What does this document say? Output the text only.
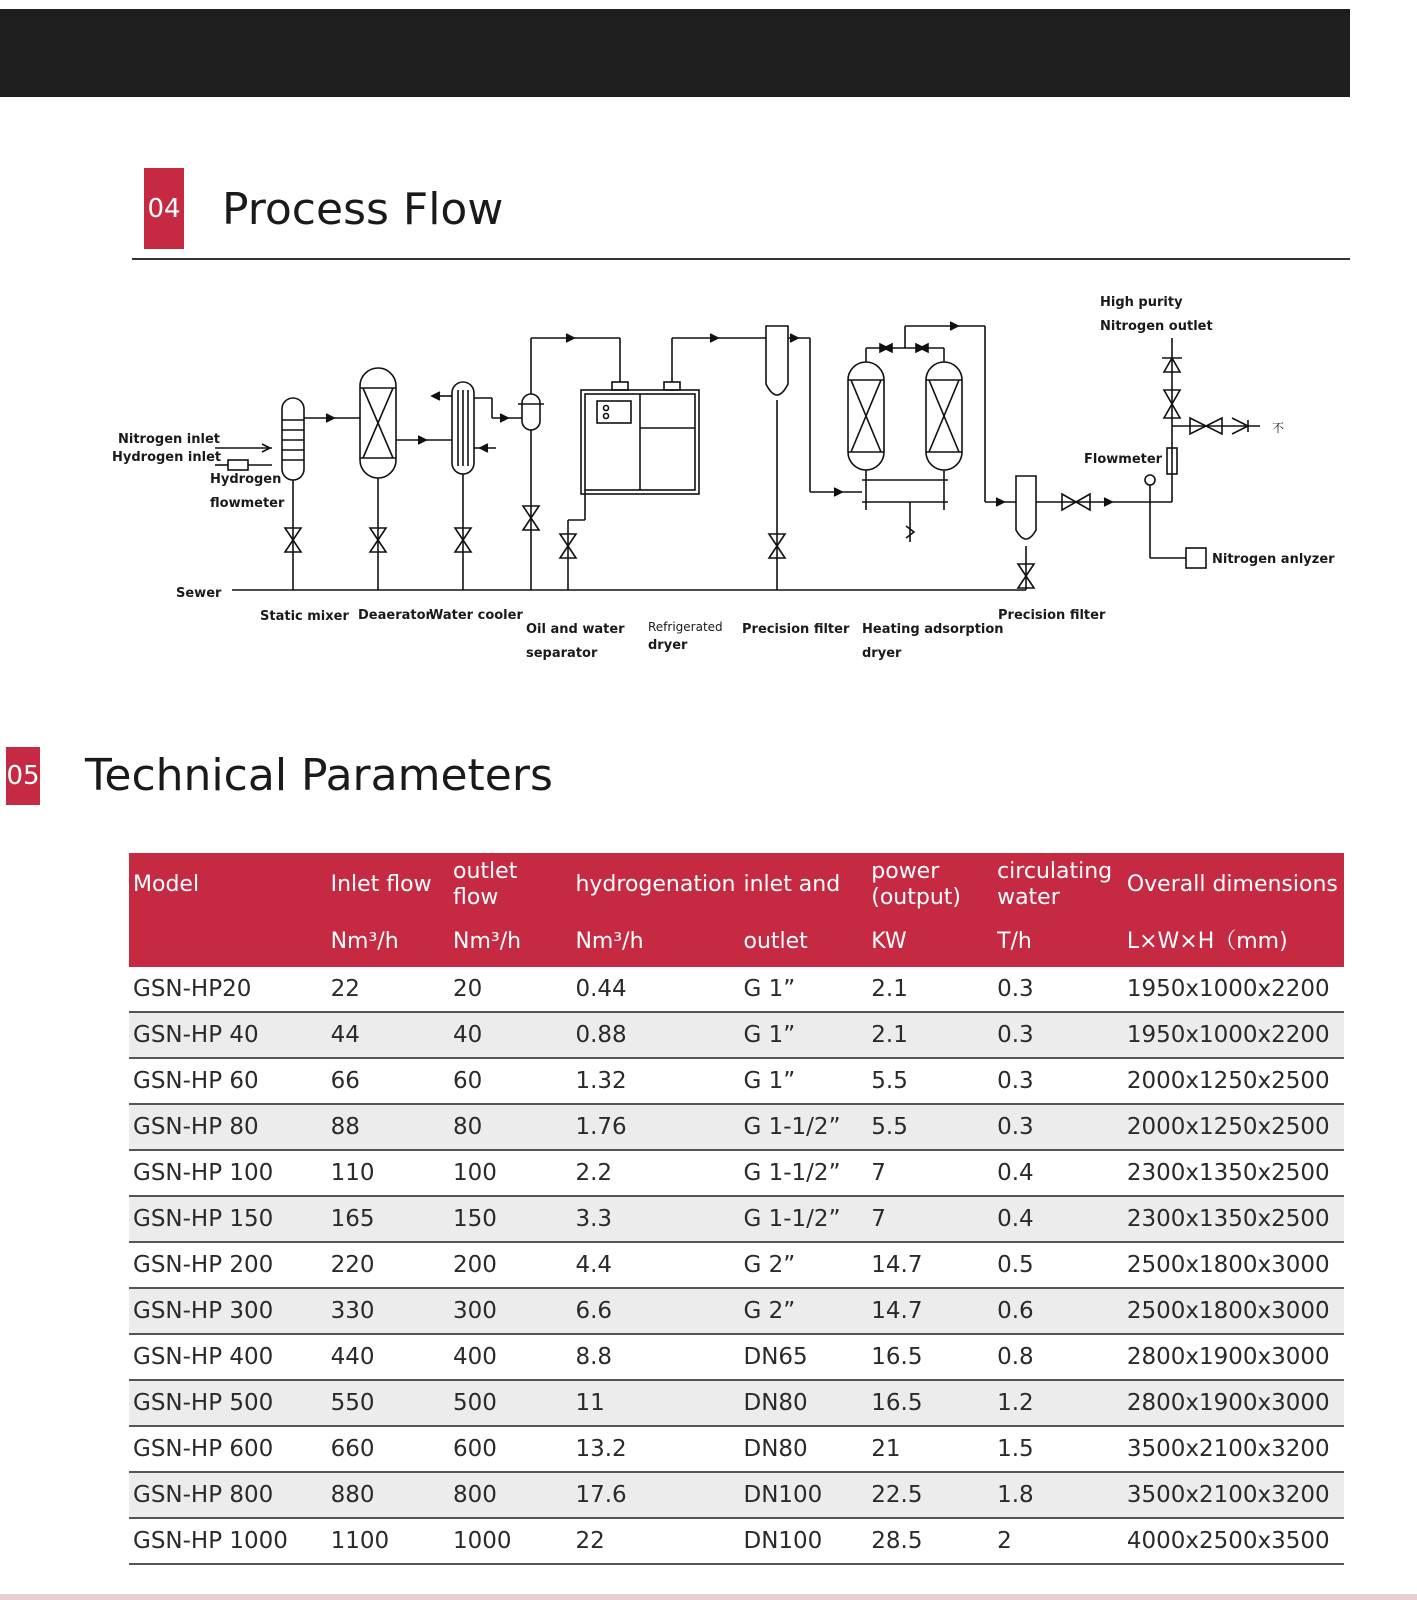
04 Process Flow
Nitrogen inlet
Hydrogen inlet
Hydrogen
flowmeter
Sewer
Static mixer Deaerator
Water cooler
Oil and water
separator
Refrigerated
dryer
Precision filter Heating adsorption
dryer
Precision filter
High purity
Nitrogen outlet
Flowmeter
Nitrogen anlyzer
不
05 Technical Parameters
Model	Inlet flow	outlet flow	hydrogenation	inlet and	power (output)	circulating water	Overall dimensions
	Nm³/h	Nm³/h	Nm³/h	outlet	KW	T/h	L×W×H（mm)
GSN-HP20	22	20	0.44	G 1”	2.1	0.3	1950x1000x2200
GSN-HP 40	44	40	0.88	G 1”	2.1	0.3	1950x1000x2200
GSN-HP 60	66	60	1.32	G 1”	5.5	0.3	2000x1250x2500
GSN-HP 80	88	80	1.76	G 1-1/2”	5.5	0.3	2000x1250x2500
GSN-HP 100	110	100	2.2	G 1-1/2”	7	0.4	2300x1350x2500
GSN-HP 150	165	150	3.3	G 1-1/2”	7	0.4	2300x1350x2500
GSN-HP 200	220	200	4.4	G 2”	14.7	0.5	2500x1800x3000
GSN-HP 300	330	300	6.6	G 2”	14.7	0.6	2500x1800x3000
GSN-HP 400	440	400	8.8	DN65	16.5	0.8	2800x1900x3000
GSN-HP 500	550	500	11	DN80	16.5	1.2	2800x1900x3000
GSN-HP 600	660	600	13.2	DN80	21	1.5	3500x2100x3200
GSN-HP 800	880	800	17.6	DN100	22.5	1.8	3500x2100x3200
GSN-HP 1000	1100	1000	22	DN100	28.5	2	4000x2500x3500
